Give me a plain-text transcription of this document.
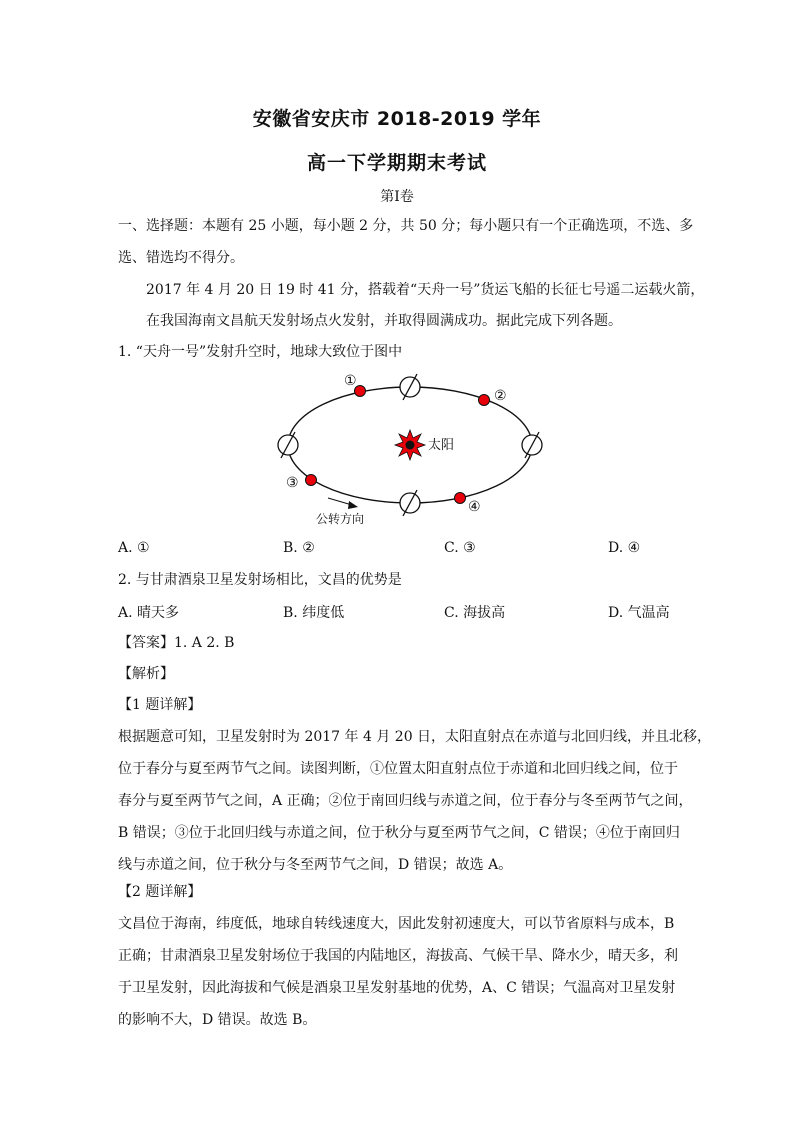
安徽省安庆市 2018-2019 学年
高一下学期期末考试
第Ⅰ卷
一、选择题：本题有 25 小题，每小题 2 分，共 50 分；每小题只有一个正确选项，不选、多
选、错选均不得分。
2017 年 4 月 20 日 19 时 41 分，搭载着“天舟一号”货运飞船的长征七号遥二运载火箭，
在我国海南文昌航天发射场点火发射，并取得圆满成功。据此完成下列各题。
1. “天舟一号”发射升空时，地球大致位于图中
太阳
①
②
③
④
公转方向
A. ①	B. ②	C. ③	D. ④
2. 与甘肃酒泉卫星发射场相比，文昌的优势是
A. 晴天多	B. 纬度低	C. 海拔高	D. 气温高
【答案】1. A 2. B
【解析】
【1 题详解】
根据题意可知，卫星发射时为 2017 年 4 月 20 日，太阳直射点在赤道与北回归线，并且北移，
位于春分与夏至两节气之间。读图判断，①位置太阳直射点位于赤道和北回归线之间，位于
春分与夏至两节气之间，A 正确；②位于南回归线与赤道之间，位于春分与冬至两节气之间，
B 错误；③位于北回归线与赤道之间，位于秋分与夏至两节气之间，C 错误；④位于南回归
线与赤道之间，位于秋分与冬至两节气之间，D 错误；故选 A。
【2 题详解】
文昌位于海南，纬度低，地球自转线速度大，因此发射初速度大，可以节省原料与成本，B
正确；甘肃酒泉卫星发射场位于我国的内陆地区，海拔高、气候干旱、降水少，晴天多，利
于卫星发射，因此海拔和气候是酒泉卫星发射基地的优势，A、C 错误；气温高对卫星发射
的影响不大，D 错误。故选 B。
